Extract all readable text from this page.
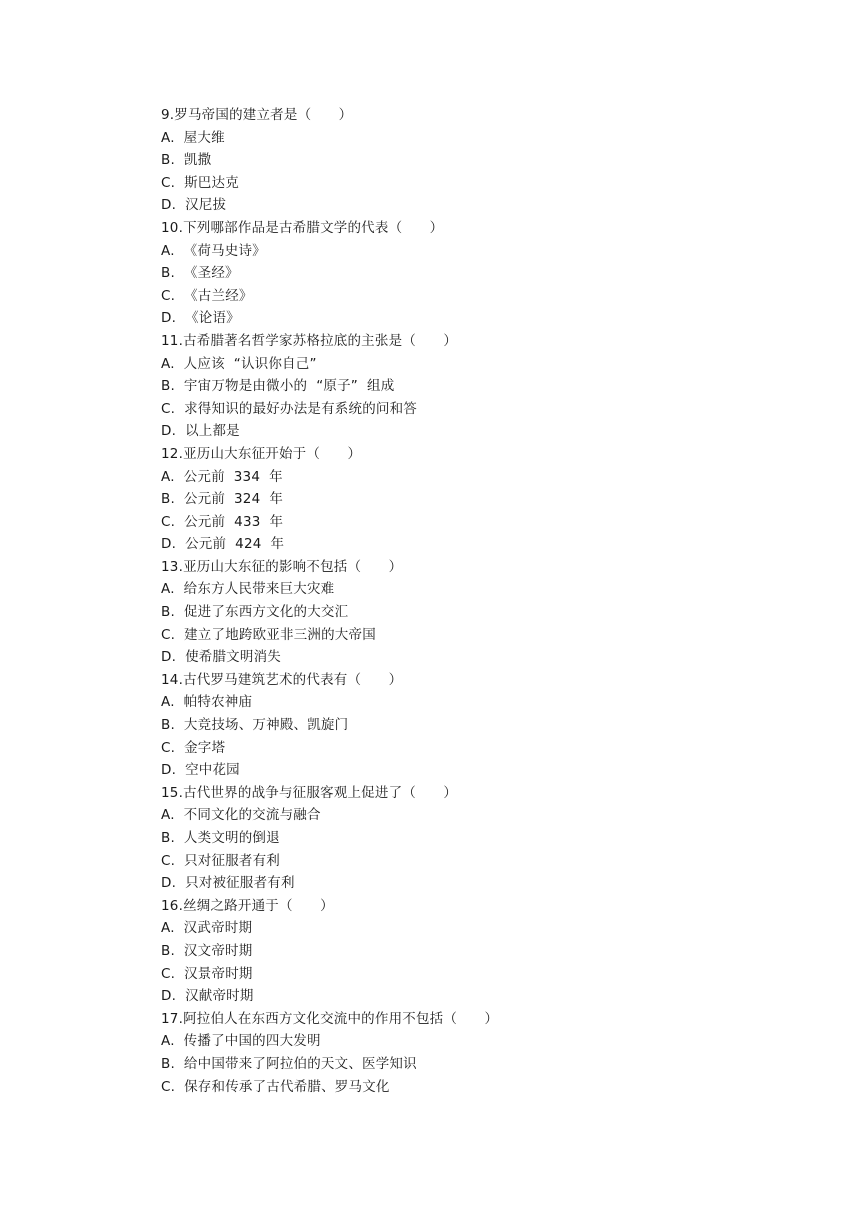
9.罗马帝国的建立者是（　　）
A.  屋大维
B.  凯撒
C.  斯巴达克
D.  汉尼拔
10.下列哪部作品是古希腊文学的代表（　　）
A.  《荷马史诗》
B.  《圣经》
C.  《古兰经》
D.  《论语》
11.古希腊著名哲学家苏格拉底的主张是（　　）
A.  人应该  “认识你自己”
B.  宇宙万物是由微小的  “原子”  组成
C.  求得知识的最好办法是有系统的问和答
D.  以上都是
12.亚历山大东征开始于（　　）
A.  公元前  334  年
B.  公元前  324  年
C.  公元前  433  年
D.  公元前  424  年
13.亚历山大东征的影响不包括（　　）
A.  给东方人民带来巨大灾难
B.  促进了东西方文化的大交汇
C.  建立了地跨欧亚非三洲的大帝国
D.  使希腊文明消失
14.古代罗马建筑艺术的代表有（　　）
A.  帕特农神庙
B.  大竞技场、万神殿、凯旋门
C.  金字塔
D.  空中花园
15.古代世界的战争与征服客观上促进了（　　）
A.  不同文化的交流与融合
B.  人类文明的倒退
C.  只对征服者有利
D.  只对被征服者有利
16.丝绸之路开通于（　　）
A.  汉武帝时期
B.  汉文帝时期
C.  汉景帝时期
D.  汉献帝时期
17.阿拉伯人在东西方文化交流中的作用不包括（　　）
A.  传播了中国的四大发明
B.  给中国带来了阿拉伯的天文、医学知识
C.  保存和传承了古代希腊、罗马文化
